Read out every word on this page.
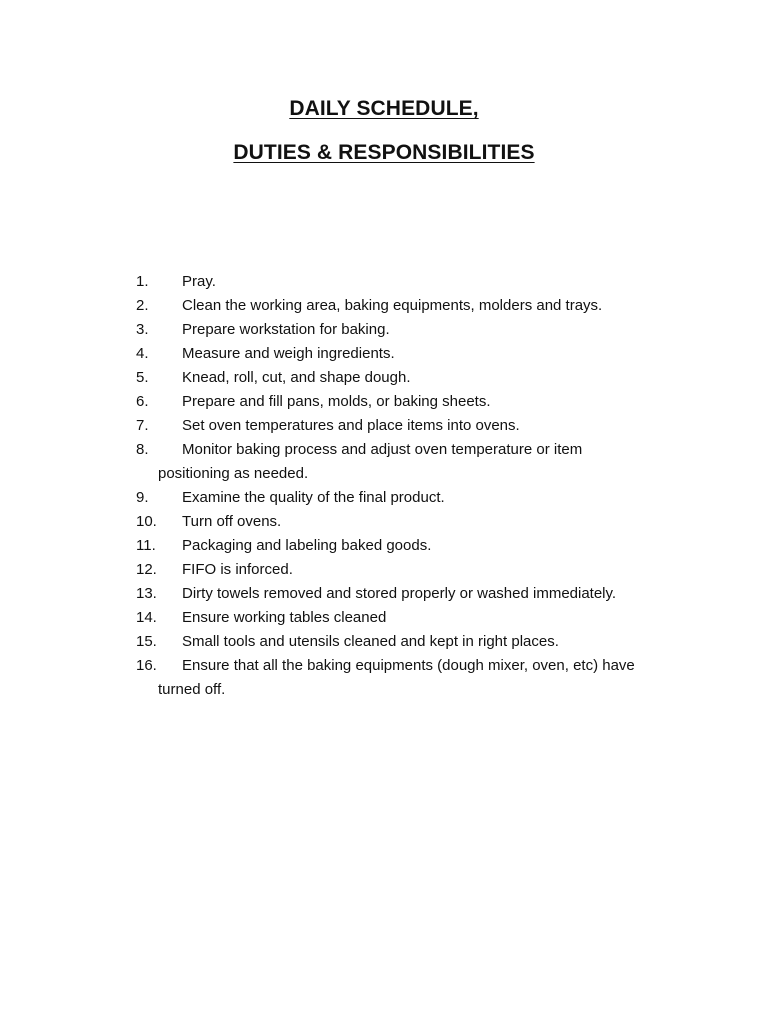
DAILY SCHEDULE,
DUTIES & RESPONSIBILITIES
1. Pray.
2. Clean the working area, baking equipments, molders and trays.
3. Prepare workstation for baking.
4. Measure and weigh ingredients.
5. Knead, roll, cut, and shape dough.
6. Prepare and fill pans, molds, or baking sheets.
7. Set oven temperatures and place items into ovens.
8. Monitor baking process and adjust oven temperature or item
positioning as needed.
9. Examine the quality of the final product.
10. Turn off ovens.
11. Packaging and labeling baked goods.
12. FIFO is inforced.
13. Dirty towels removed and stored properly or washed immediately.
14. Ensure working tables cleaned
15. Small tools and utensils cleaned and kept in right places.
16. Ensure that all the baking equipments (dough mixer, oven, etc) have
turned off.
